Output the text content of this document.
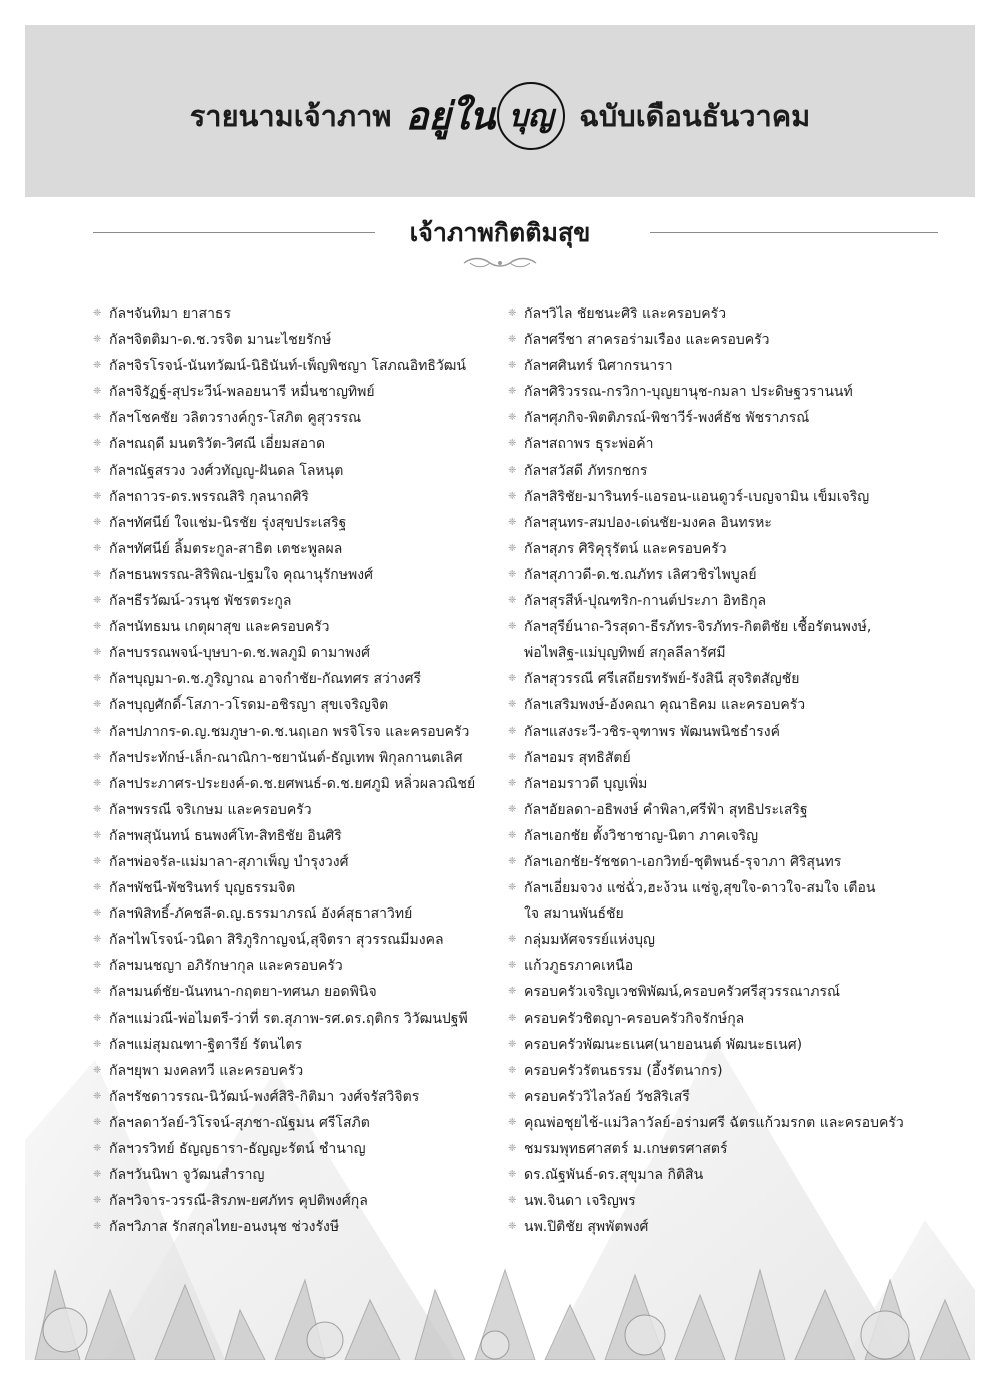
รายนามเจ้าภาพ อยู่ใน บุญ ฉบับเดือนธันวาคม
เจ้าภาพกิตติมสุข
❈ กัลฯจันทิมา ยาสาธร
❈ กัลฯจิตติมา-ด.ช.วรจิต มานะไชยรักษ์
❈ กัลฯจิรโรจน์-นันทวัฒน์-นิธินันท์-เพ็ญพิชญา โสภณอิทธิวัฒน์
❈ กัลฯจิรัฏฐ์-สุประวีน์-พลอยนารี หมื่นชาญทิพย์
❈ กัลฯโชคชัย วลิตวรางค์กูร-โสภิต คูสุวรรณ
❈ กัลฯณฤดี มนตริวัต-วิศณี เอี่ยมสอาด
❈ กัลฯณัฐสรวง วงศ์วทัญญู-ฝันดล โลหนุต
❈ กัลฯถาวร-ดร.พรรณสิริ กุลนาถศิริ
❈ กัลฯทัศนีย์ ใจแช่ม-นิรชัย รุ่งสุขประเสริฐ
❈ กัลฯทัศนีย์ ลิ้มตระกูล-สาธิต เตชะพูลผล
❈ กัลฯธนพรรณ-สิริพิณ-ปฐมใจ คุณานุรักษพงศ์
❈ กัลฯธีรวัฒน์-วรนุช พัชรตระกูล
❈ กัลฯนัทธมน เกตุผาสุข และครอบครัว
❈ กัลฯบรรณพจน์-บุษบา-ด.ช.พลภูมิ ดามาพงศ์
❈ กัลฯบุญมา-ด.ช.ภูริญาณ อาจกำชัย-กัณทศร สว่างศรี
❈ กัลฯบุญศักดิ์-โสภา-วโรดม-อชิรญา สุขเจริญจิต
❈ กัลฯปภากร-ด.ญ.ชมภูษา-ด.ช.นฤเอก พรจิโรจ และครอบครัว
❈ กัลฯประทักษ์-เล็ก-ณาณิกา-ชยานันต์-ธัญเทพ พิกุลกานตเลิศ
❈ กัลฯประภาศร-ประยงค์-ด.ช.ยศพนธ์-ด.ช.ยศภูมิ หลิ่วผลวณิชย์
❈ กัลฯพรรณี จริเกษม และครอบครัว
❈ กัลฯพสุนันทน์ ธนพงศ์โท-สิทธิชัย อินศิริ
❈ กัลฯพ่อจรัล-แม่มาลา-สุภาเพ็ญ บำรุงวงศ์
❈ กัลฯพัชนี-พัชรินทร์ บุญธรรมจิต
❈ กัลฯพิสิทธิ์-ภัคชลี-ด.ญ.ธรรมาภรณ์ อังค์สุธาสาวิทย์
❈ กัลฯไพโรจน์-วนิดา สิริภูริกาญจน์,สุจิตรา สุวรรณมีมงคล
❈ กัลฯมนชญา อภิรักษากุล และครอบครัว
❈ กัลฯมนต์ชัย-นันทนา-กฤตยา-ทศนภ ยอดพินิจ
❈ กัลฯแม่วณี-พ่อไมตรี-ว่าที่ รต.สุภาพ-รศ.ดร.ฤติกร วิวัฒนปฐพี
❈ กัลฯแม่สุมณฑา-ฐิตารีย์ รัตนไตร
❈ กัลฯยุพา มงคลทวี และครอบครัว
❈ กัลฯรัชดาวรรณ-นิวัฒน์-พงศ์สิริ-กิติมา วงศ์จรัสวิจิตร
❈ กัลฯลดาวัลย์-วิโรจน์-สุภชา-ณัฐมน ศรีโสภิต
❈ กัลฯวรวิทย์ ธัญญธารา-ธัญญะรัตน์ ชำนาญ
❈ กัลฯวันนิพา จูวัฒนสำราญ
❈ กัลฯวิจาร-วรรณี-สิรภพ-ยศภัทร คุปติพงศ์กุล
❈ กัลฯวิภาส รักสกุลไทย-อนงนุช ช่วงรังษี
❈ กัลฯวิไล ชัยชนะศิริ และครอบครัว
❈ กัลฯศรีชา สาครอร่ามเรือง และครอบครัว
❈ กัลฯศศินทร์ นิศากรนารา
❈ กัลฯศิริวรรณ-กรวิกา-บุญยานุช-กมลา ประดิษฐวรานนท์
❈ กัลฯศุภกิจ-พิตติภรณ์-พิชาวีร์-พงศ์ธัช พัชราภรณ์
❈ กัลฯสถาพร ธุระพ่อค้า
❈ กัลฯสวัสดี ภัทรกชกร
❈ กัลฯสิริชัย-มารินทร์-แอรอน-แอนดูวร์-เบญจามิน เข็มเจริญ
❈ กัลฯสุนทร-สมปอง-เด่นชัย-มงคล อินทรหะ
❈ กัลฯสุภร ศิริคุรุรัตน์ และครอบครัว
❈ กัลฯสุภาวดี-ด.ช.ณภัทร เลิศวชิรไพบูลย์
❈ กัลฯสุรสีห์-ปุณฑริก-กานต์ประภา อิทธิกุล
❈ กัลฯสุรีย์นาถ-วิรสุดา-ธีรภัทร-จิรภัทร-กิตติชัย เชื้อรัตนพงษ์, พ่อไพสิฐ-แม่บุญทิพย์ สกุลลีลารัศมี
❈ กัลฯสุวรรณี ศรีเสถียรทรัพย์-รังสินี สุจริตสัญชัย
❈ กัลฯเสริมพงษ์-อังคณา คุณาธิคม และครอบครัว
❈ กัลฯแสงระวี-วชิร-จุฑาพร พัฒนพนิชธำรงค์
❈ กัลฯอมร สุทธิสัตย์
❈ กัลฯอมราวดี บุญเพิ่ม
❈ กัลฯอัยลดา-อธิพงษ์ คำพิลา,ศรีฟ้า สุทธิประเสริฐ
❈ กัลฯเอกชัย ตั้งวิชาชาญ-นิตา ภาคเจริญ
❈ กัลฯเอกชัย-รัชชดา-เอกวิทย์-ชุติพนธ์-รุจาภา ศิริสุนทร
❈ กัลฯเอี่ยมจวง แซ่ฉั่ว,ฮะง้วน แซ่จู,สุขใจ-ดาวใจ-สมใจ เตือนใจ สมานพันธ์ชัย
❈ กลุ่มมหัศจรรย์แห่งบุญ
❈ แก้วภูธรภาคเหนือ
❈ ครอบครัวเจริญเวชพิพัฒน์,ครอบครัวศรีสุวรรณาภรณ์
❈ ครอบครัวชิตญา-ครอบครัวกิจรักษ์กุล
❈ ครอบครัวพัฒนะธเนศ(นายอนนต์ พัฒนะธเนศ)
❈ ครอบครัวรัตนธรรม (อึ้งรัตนากร)
❈ ครอบครัววิไลวัลย์ วัชสิริเสรี
❈ คุณพ่อชุยไช้-แม่วิลาวัลย์-อร่ามศรี ฉัตรแก้วมรกต และครอบครัว
❈ ชมรมพุทธศาสตร์ ม.เกษตรศาสตร์
❈ ดร.ณัฐพันธ์-ดร.สุขุมาล กิติสิน
❈ นพ.จินดา เจริญพร
❈ นพ.ปิติชัย สุพพัตพงศ์
